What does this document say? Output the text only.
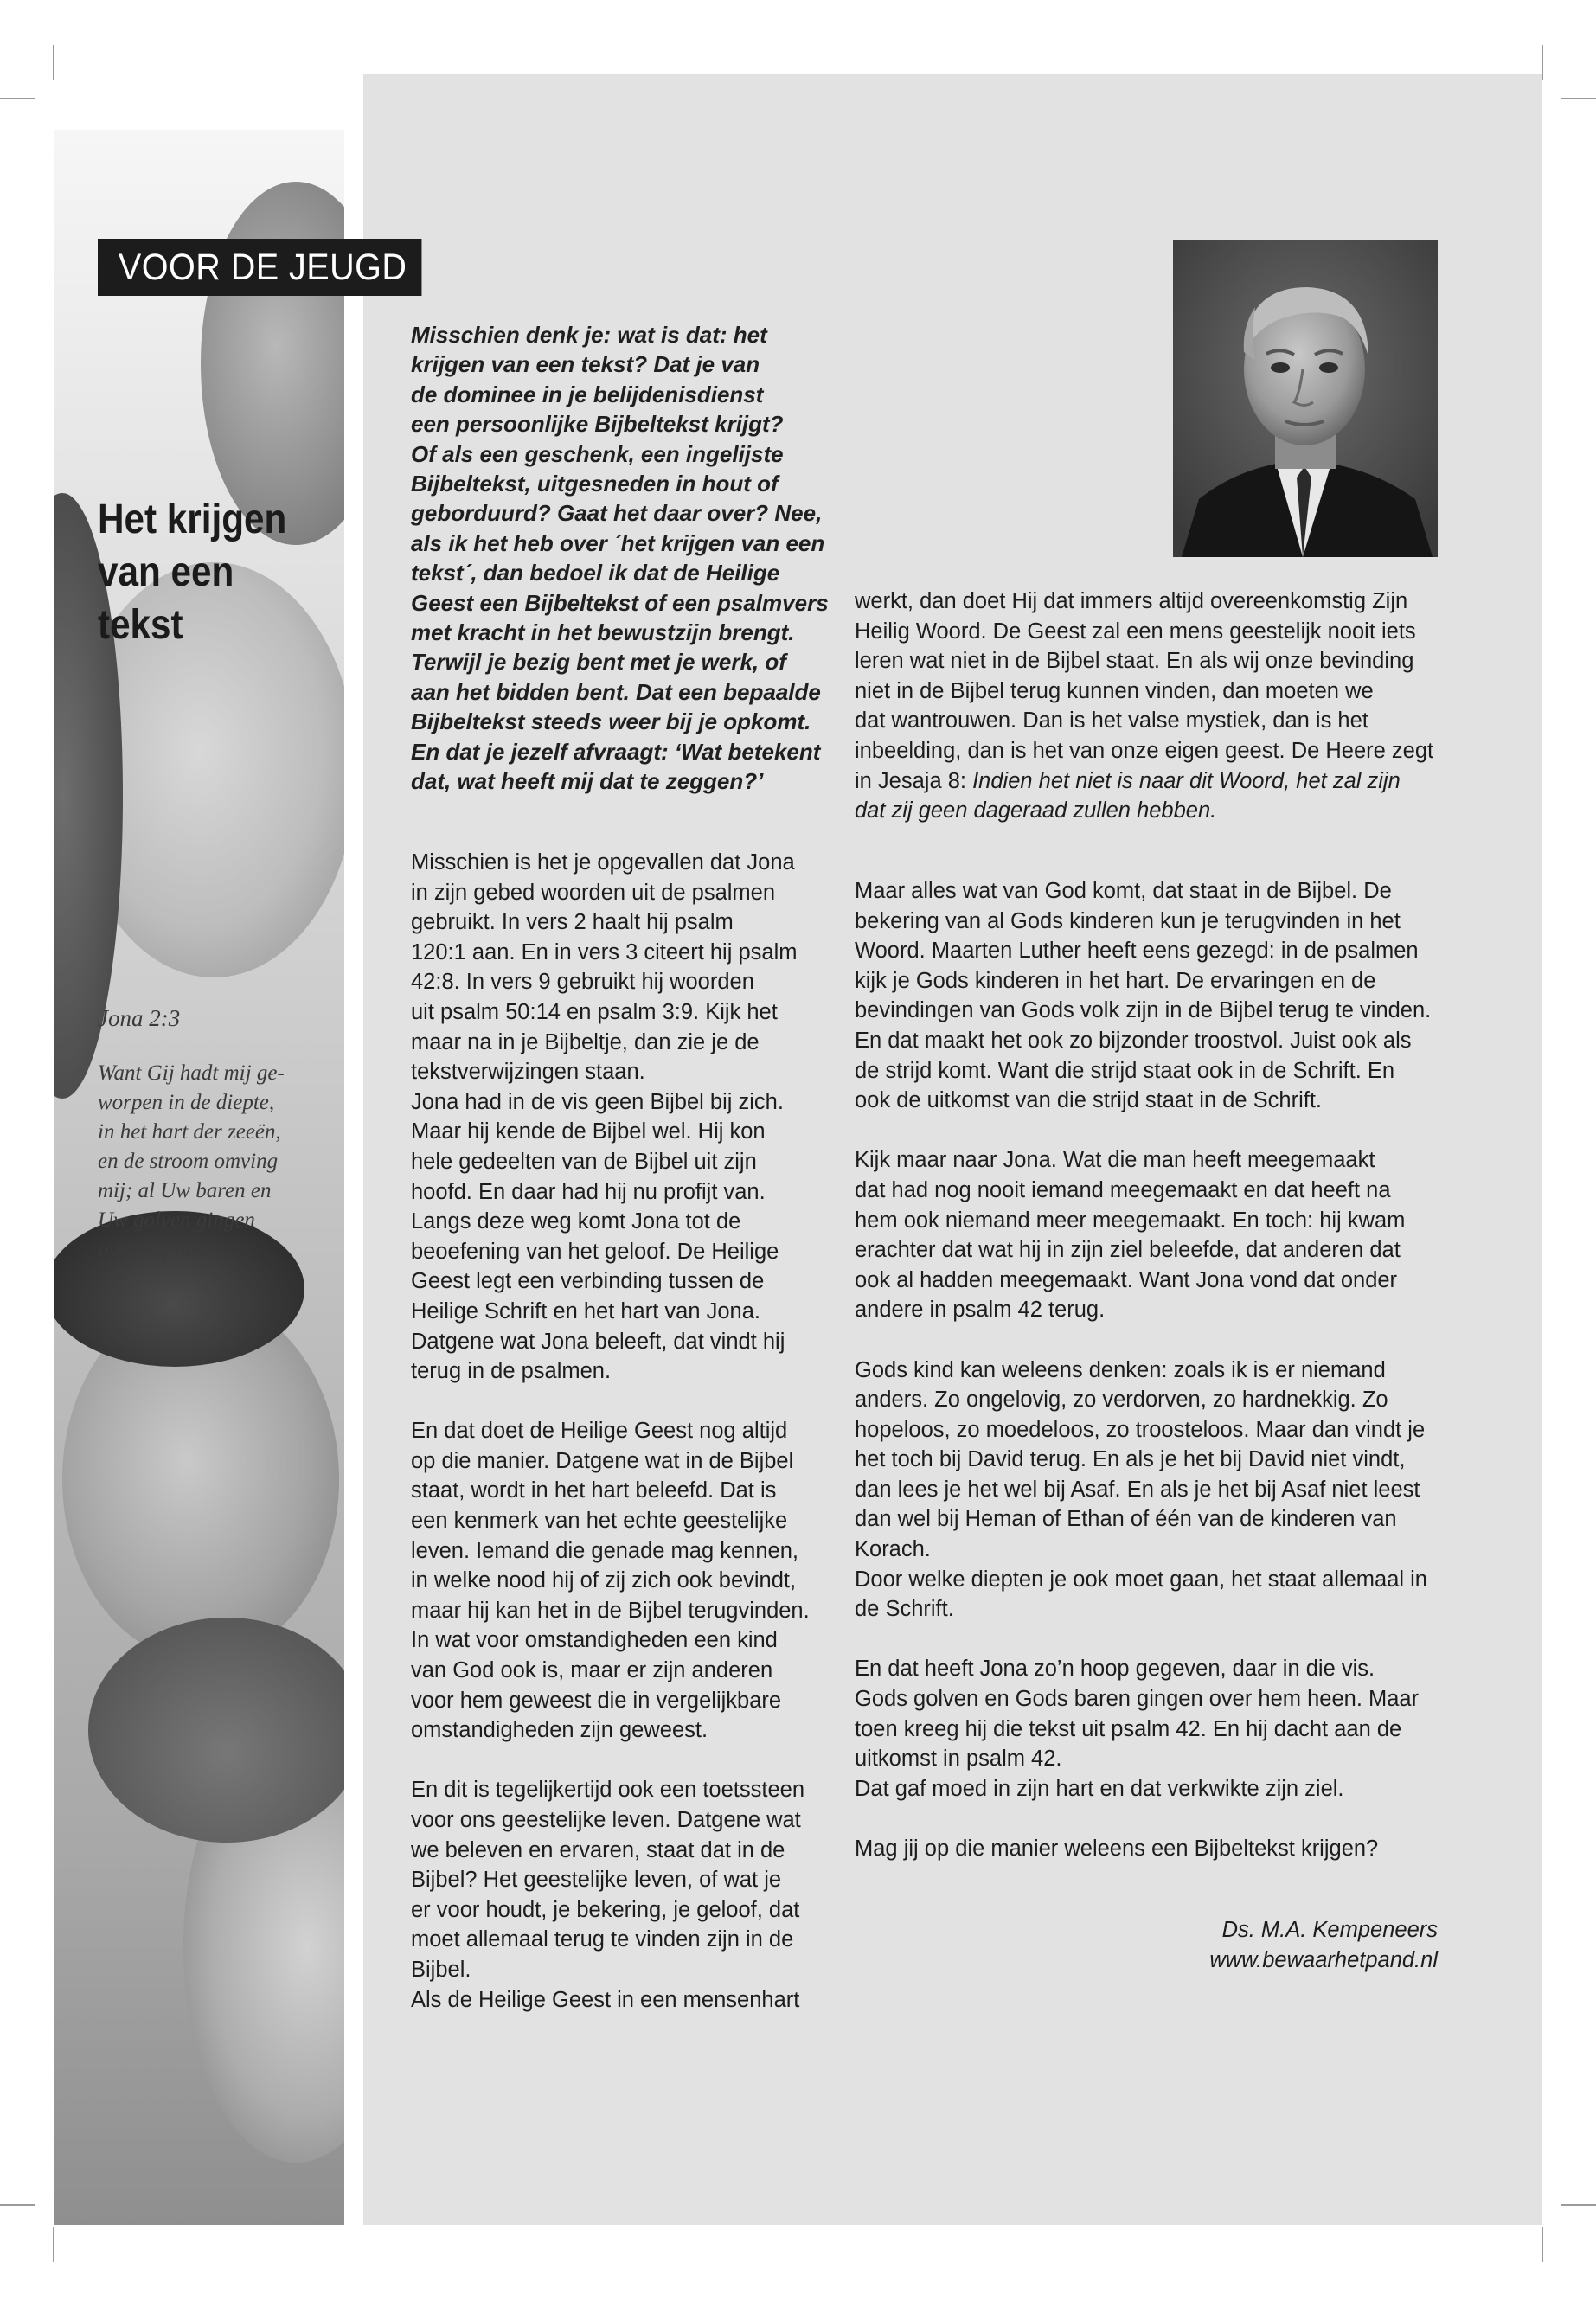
VOOR DE JEUGD
Het krijgen
van een tekst

Jona 2:3

Want Gij hadt mij ge-
worpen in de diepte,
in het hart der zeeën,
en de stroom omving
mij; al Uw baren en
Uw golven gingen
over mij heen

Misschien denk je: wat is dat: het
krijgen van een tekst? Dat je van
de dominee in je belijdenisdienst
een persoonlijke Bijbeltekst krijgt?
Of als een geschenk, een ingelijste
Bijbeltekst, uitgesneden in hout of
geborduurd? Gaat het daar over? Nee,
als ik het heb over ´het krijgen van een
tekst´, dan bedoel ik dat de Heilige
Geest een Bijbeltekst of een psalmvers
met kracht in het bewustzijn brengt.
Terwijl je bezig bent met je werk, of
aan het bidden bent. Dat een bepaalde
Bijbeltekst steeds weer bij je opkomt.
En dat je jezelf afvraagt: ‘Wat betekent
dat, wat heeft mij dat te zeggen?’
Misschien is het je opgevallen dat Jona
in zijn gebed woorden uit de psalmen
gebruikt. In vers 2 haalt hij psalm
120:1 aan. En in vers 3 citeert hij psalm
42:8. In vers 9 gebruikt hij woorden
uit psalm 50:14 en psalm 3:9. Kijk het
maar na in je Bijbeltje, dan zie je de
tekstverwijzingen staan.
Jona had in de vis geen Bijbel bij zich.
Maar hij kende de Bijbel wel. Hij kon
hele gedeelten van de Bijbel uit zijn
hoofd. En daar had hij nu profijt van.
Langs deze weg komt Jona tot de
beoefening van het geloof. De Heilige
Geest legt een verbinding tussen de
Heilige Schrift en het hart van Jona.
Datgene wat Jona beleeft, dat vindt hij
terug in de psalmen.

En dat doet de Heilige Geest nog altijd
op die manier. Datgene wat in de Bijbel
staat, wordt in het hart beleefd. Dat is
een kenmerk van het echte geestelijke
leven. Iemand die genade mag kennen,
in welke nood hij of zij zich ook bevindt,
maar hij kan het in de Bijbel terugvinden.
In wat voor omstandigheden een kind
van God ook is, maar er zijn anderen
voor hem geweest die in vergelijkbare
omstandigheden zijn geweest.

En dit is tegelijkertijd ook een toetssteen
voor ons geestelijke leven. Datgene wat
we beleven en ervaren, staat dat in de
Bijbel? Het geestelijke leven, of wat je
er voor houdt, je bekering, je geloof, dat
moet allemaal terug te vinden zijn in de
Bijbel.
Als de Heilige Geest in een mensenhart
werkt, dan doet Hij dat immers altijd overeenkomstig Zijn
Heilig Woord. De Geest zal een mens geestelijk nooit iets
leren wat niet in de Bijbel staat. En als wij onze bevinding
niet in de Bijbel terug kunnen vinden, dan moeten we
dat wantrouwen. Dan is het valse mystiek, dan is het
inbeelding, dan is het van onze eigen geest. De Heere zegt
in Jesaja 8: Indien het niet is naar dit Woord, het zal zijn
dat zij geen dageraad zullen hebben.
Maar alles wat van God komt, dat staat in de Bijbel. De
bekering van al Gods kinderen kun je terugvinden in het
Woord. Maarten Luther heeft eens gezegd: in de psalmen
kijk je Gods kinderen in het hart. De ervaringen en de
bevindingen van Gods volk zijn in de Bijbel terug te vinden.
En dat maakt het ook zo bijzonder troostvol. Juist ook als
de strijd komt. Want die strijd staat ook in de Schrift. En
ook de uitkomst van die strijd staat in de Schrift.

Kijk maar naar Jona. Wat die man heeft meegemaakt
dat had nog nooit iemand meegemaakt en dat heeft na
hem ook niemand meer meegemaakt. En toch: hij kwam
erachter dat wat hij in zijn ziel beleefde, dat anderen dat
ook al hadden meegemaakt. Want Jona vond dat onder
andere in psalm 42 terug.

Gods kind kan weleens denken: zoals ik is er niemand
anders. Zo ongelovig, zo verdorven, zo hardnekkig. Zo
hopeloos, zo moedeloos, zo troosteloos. Maar dan vindt je
het toch bij David terug. En als je het bij David niet vindt,
dan lees je het wel bij Asaf. En als je het bij Asaf niet leest
dan wel bij Heman of Ethan of één van de kinderen van
Korach.
Door welke diepten je ook moet gaan, het staat allemaal in
de Schrift.

En dat heeft Jona zo’n hoop gegeven, daar in die vis.
Gods golven en Gods baren gingen over hem heen. Maar
toen kreeg hij die tekst uit psalm 42. En hij dacht aan de
uitkomst in psalm 42.
Dat gaf moed in zijn hart en dat verkwikte zijn ziel.

Mag jij op die manier weleens een Bijbeltekst krijgen?
Ds. M.A. Kempeneers
www.bewaarhetpand.nl
